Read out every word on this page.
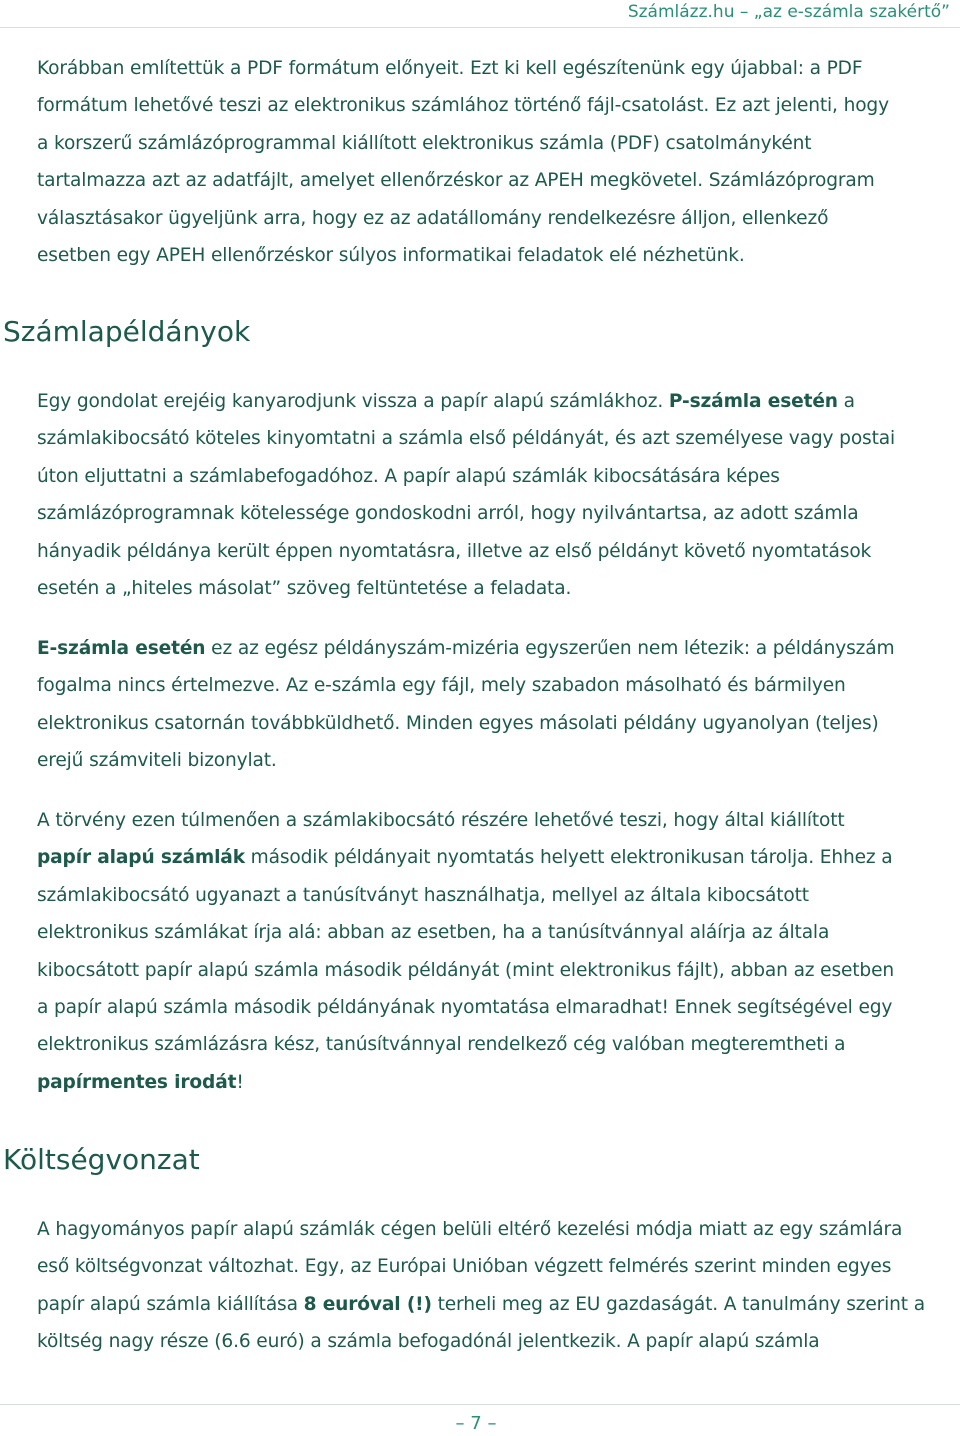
Számlázz.hu – „az e-számla szakértő”

Korábban említettük a PDF formátum előnyeit. Ezt ki kell egészítenünk egy újabbal: a PDF
formátum lehetővé teszi az elektronikus számlához történő fájl-csatolást. Ez azt jelenti, hogy
a korszerű számlázóprogrammal kiállított elektronikus számla (PDF) csatolmányként
tartalmazza azt az adatfájlt, amelyet ellenőrzéskor az APEH megkövetel. Számlázóprogram
választásakor ügyeljünk arra, hogy ez az adatállomány rendelkezésre álljon, ellenkező
esetben egy APEH ellenőrzéskor súlyos informatikai feladatok elé nézhetünk.

Számlapéldányok

Egy gondolat erejéig kanyarodjunk vissza a papír alapú számlákhoz. P-számla esetén a
számlakibocsátó köteles kinyomtatni a számla első példányát, és azt személyese vagy postai
úton eljuttatni a számlabefogadóhoz. A papír alapú számlák kibocsátására képes
számlázóprogramnak kötelessége gondoskodni arról, hogy nyilvántartsa, az adott számla
hányadik példánya került éppen nyomtatásra, illetve az első példányt követő nyomtatások
esetén a „hiteles másolat” szöveg feltüntetése a feladata.

E-számla esetén ez az egész példányszám-mizéria egyszerűen nem létezik: a példányszám
fogalma nincs értelmezve. Az e-számla egy fájl, mely szabadon másolható és bármilyen
elektronikus csatornán továbbküldhető. Minden egyes másolati példány ugyanolyan (teljes)
erejű számviteli bizonylat.

A törvény ezen túlmenően a számlakibocsátó részére lehetővé teszi, hogy által kiállított
papír alapú számlák második példányait nyomtatás helyett elektronikusan tárolja. Ehhez a
számlakibocsátó ugyanazt a tanúsítványt használhatja, mellyel az általa kibocsátott
elektronikus számlákat írja alá: abban az esetben, ha a tanúsítvánnyal aláírja az általa
kibocsátott papír alapú számla második példányát (mint elektronikus fájlt), abban az esetben
a papír alapú számla második példányának nyomtatása elmaradhat! Ennek segítségével egy
elektronikus számlázásra kész, tanúsítvánnyal rendelkező cég valóban megteremtheti a
papírmentes irodát!

Költségvonzat

A hagyományos papír alapú számlák cégen belüli eltérő kezelési módja miatt az egy számlára
eső költségvonzat változhat. Egy, az Európai Unióban végzett felmérés szerint minden egyes
papír alapú számla kiállítása 8 euróval (!) terheli meg az EU gazdaságát. A tanulmány szerint a
költség nagy része (6.6 euró) a számla befogadónál jelentkezik. A papír alapú számla

– 7 –
